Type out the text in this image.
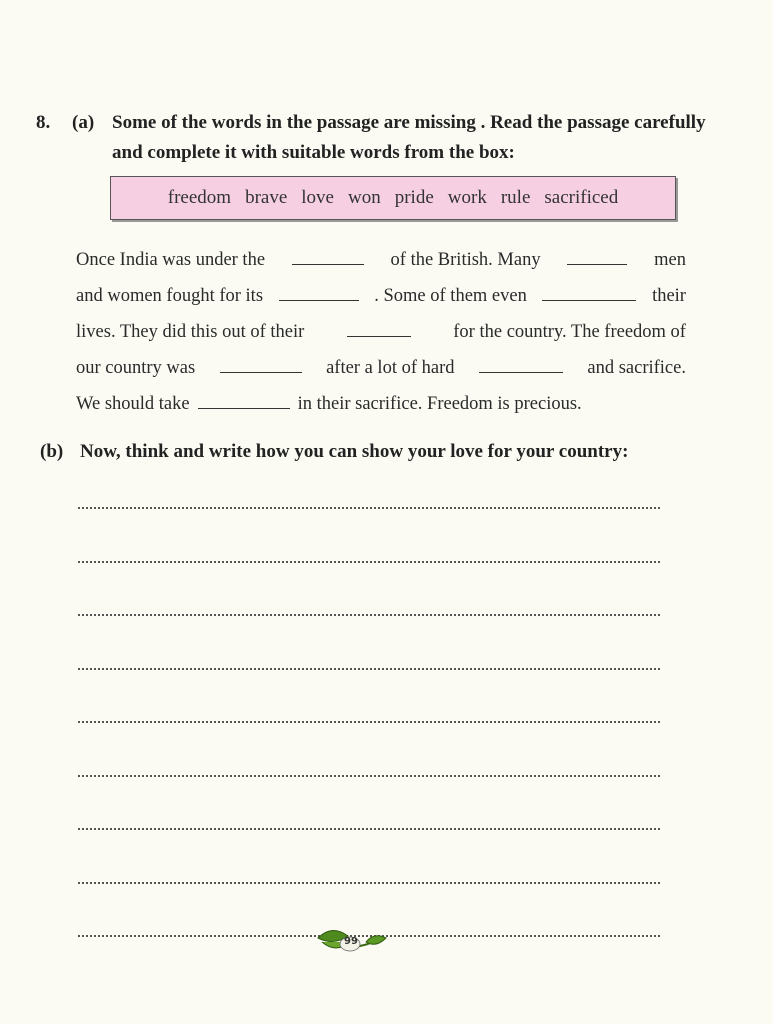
8. (a) Some of the words in the passage are missing . Read the passage carefully and complete it with suitable words from the box:
freedom brave love won pride work rule sacrificed
Once India was under the	of the British. Many	men
and women fought for its	. Some of them even	their
lives. They did this out of their	for the country. The freedom of
our country was	after a lot of hard	and sacrifice.
We should take	in their sacrifice. Freedom is precious.
(b) Now, think and write how you can show your love for your country:
99
